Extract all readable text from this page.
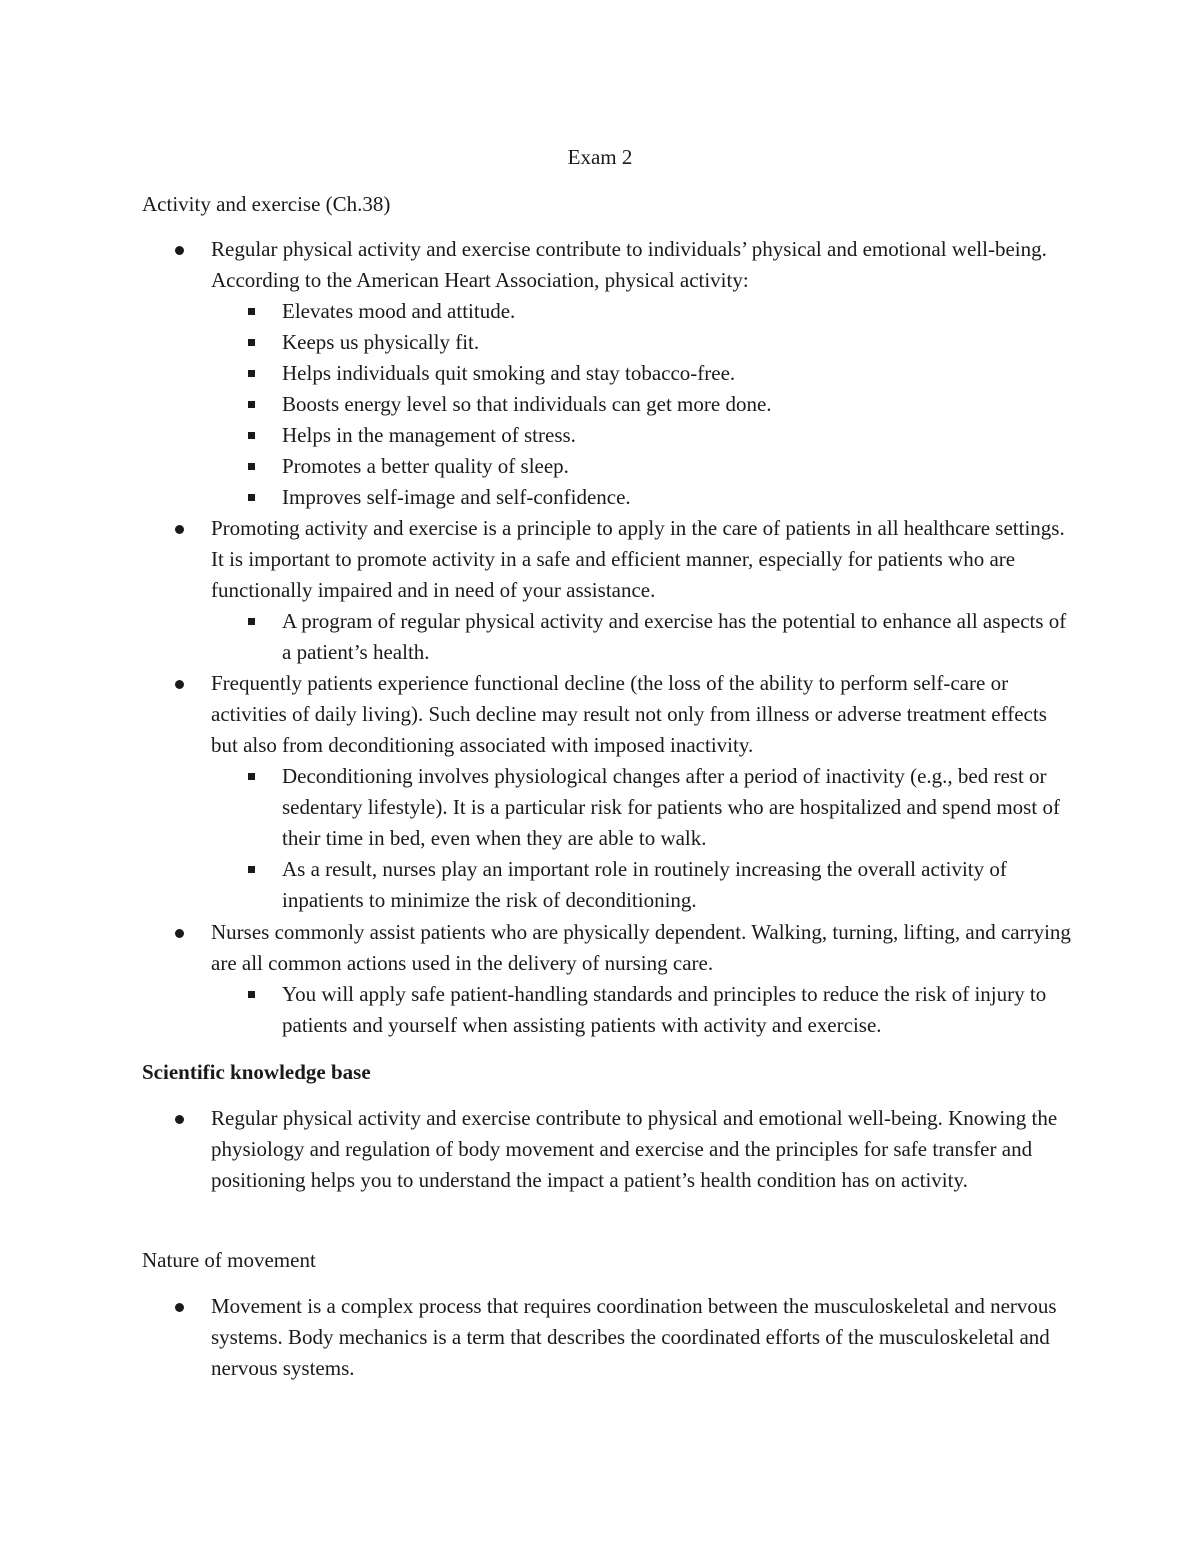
Exam 2

Activity and exercise (Ch.38)

Regular physical activity and exercise contribute to individuals’ physical and emotional well-being. According to the American Heart Association, physical activity:

Elevates mood and attitude.

Keeps us physically fit.

Helps individuals quit smoking and stay tobacco-free.

Boosts energy level so that individuals can get more done.

Helps in the management of stress.

Promotes a better quality of sleep.

Improves self-image and self-confidence.

Promoting activity and exercise is a principle to apply in the care of patients in all healthcare settings. It is important to promote activity in a safe and efficient manner, especially for patients who are functionally impaired and in need of your assistance.

A program of regular physical activity and exercise has the potential to enhance all aspects of a patient’s health.

Frequently patients experience functional decline (the loss of the ability to perform self-care or activities of daily living). Such decline may result not only from illness or adverse treatment effects but also from deconditioning associated with imposed inactivity.

Deconditioning involves physiological changes after a period of inactivity (e.g., bed rest or sedentary lifestyle). It is a particular risk for patients who are hospitalized and spend most of their time in bed, even when they are able to walk.

As a result, nurses play an important role in routinely increasing the overall activity of inpatients to minimize the risk of deconditioning.

Nurses commonly assist patients who are physically dependent. Walking, turning, lifting, and carrying are all common actions used in the delivery of nursing care.

You will apply safe patient-handling standards and principles to reduce the risk of injury to patients and yourself when assisting patients with activity and exercise.

Scientific knowledge base

Regular physical activity and exercise contribute to physical and emotional well-being. Knowing the physiology and regulation of body movement and exercise and the principles for safe transfer and positioning helps you to understand the impact a patient’s health condition has on activity.

Nature of movement

Movement is a complex process that requires coordination between the musculoskeletal and nervous systems. Body mechanics is a term that describes the coordinated efforts of the musculoskeletal and nervous systems.
